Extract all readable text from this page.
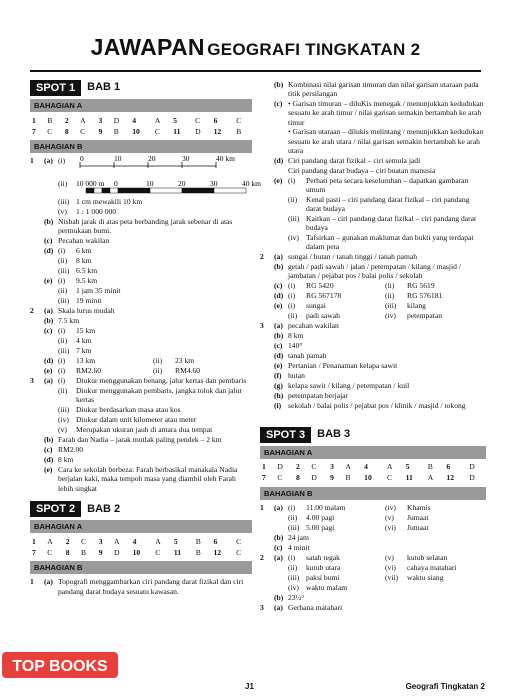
JAWAPAN GEOGRAFI TINGKATAN 2
SPOT 1	BAB 1
BAHAGIAN A
1	B	2	A	3	D	4	A	5	C	6	C
7	C	8	C	9	B	10	C	11	D	12	B
BAHAGIAN B
1	(a) (i)	0	10	20	30	40 km
(ii)	10 000 m 0	10	20	30	40 km
(iii) 1 cm mewakili 10 km
(v)	1 : 1 000 000
(b) Nisbah jarak di atas peta berbanding jarak sebenar di atas permukaan bumi.
(c) Pecahan wakilan
(d) (i)	6 km
(ii)	8 km
(iii) 6.5 km
(e) (i)	9.5 km
(ii)	1 jam 35 minit
(iii) 19 minit
2	(a) Skala lurus mudah
(b) 7.5 km
(c) (i)	15 km
(ii)	4 km
(iii) 7 km
(d) (i)	13 km	(ii)	23 km
(e) (i)	RM2.60	(ii)	RM4.60
3	(a) (i)	Diukur menggunakan benang, jalur kertas dan pembaris
(ii)	Diukur menggunakan pembaris, jangka tolok dan jalur kertas
(iii) Diukur berdasarkan masa atau kos
(iv) Diukur dalam unit kilometer atau meter
(v)	Merupakan ukuran jauh di antara dua tempat
(b) Farah dan Nadia – jarak mutlak paling pendek – 2 km
(c) RM2.00
(d) 8 km
(e) Cara ke sekolah berbeza: Farah berbasikal manakala Nadia berjalan kaki, maka tempoh masa yang diambil oleh Farah lebih singkat
SPOT 2	BAB 2
BAHAGIAN A
1	A	2	C	3	A	4	A	5	B	6	C
7	C	8	B	9	D	10	C	11	B	12	C
BAHAGIAN B
1	(a) Topografi menggambarkan ciri pandang darat fizikal dan ciri pandang darat budaya sesuatu kawasan.
(b) Kombinasi nilai garisan timuran dan nilai garisan utaraan pada titik persilangan
(c) • Garisan timuran – diluKis menegak / menunjukkan kedudukan sesuatu ke arah timur / nilai garisan semakin bertambah ke arah timur
• Garisan utaraan – dilukis melintang / menunjukkan kedudukan sesuatu ke arah utara / nilai garisan semakin bertambah ke arah utara
(d) Ciri pandang darat fizikal – ciri semula jadi
Ciri pandang darat budaya – ciri buatan manusia
(e) (i)	Perhati peta secara keseluruhan – dapatkan gambaran umum
(ii)	Kenal pasti – ciri pandang darat fizikal – ciri pandang darat budaya
(iii) Kaitkan – ciri pandang darat fizikal – ciri pandang darat budaya
(iv) Tafsirkan – gunakan maklumat dan bukti yang terdapat dalam peta
2	(a) sungai / hutan / tanah tinggi / tanah pamah
(b) getah / padi sawah / jalan / petempatan / kilang / masjid / jambatan / pejabat pos / balai polis / sekolah
(c) (i)	RG 5420	(ii)	RG 5619
(d) (i)	RG 567178	(ii)	RG 576181
(e) (i)	sungai	(iii)	kilang
(ii)	padi sawah	(iv)	petempatan
3	(a) pecahan wakilan
(b) 8 km
(c) 140°
(d) tanah pamah
(e) Pertanian / Penanaman kelapa sawit
(f) hutan
(g) kelapa sawit / kilang / petempatan / kuil
(h) petempatan berjajar
(i) sekolah / balai polis / pejabat pos / klinik / masjid / tokong
SPOT 3	BAB 3
BAHAGIAN A
1	D	2	C	3	A	4	A	5	B	6	D
7	C	8	D	9	B	10	C	11	A	12	D
BAHAGIAN B
1	(a) (i)	11.00 malam	(iv)	Khamis
(ii)	4.00 pagi	(v)	Jumaat
(iii) 5.00 pagi	(vi)	Jumaat
(b) 24 jam
(c) 4 minit
2	(a) (i)	satah tegak	(v)	kutub selatan
(ii)	kutub utara	(vi)	cahaya matahari
(iii) paksi bumi	(vii)	waktu siang
(iv) waktu malam
(b) 23½°
3	(a) Gerhana matahari
TOP BOOKS
J1	Geografi Tingkatan 2
